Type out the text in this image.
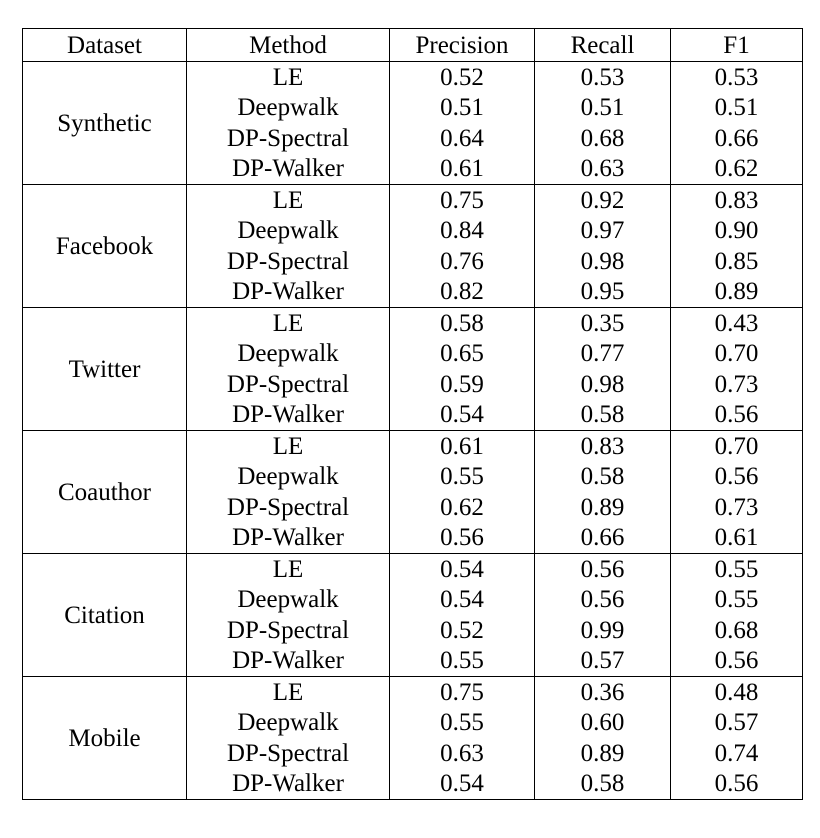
Dataset	Method	Precision	Recall	F1
Synthetic	LE	0.52	0.53	0.53
	Deepwalk	0.51	0.51	0.51
	DP-Spectral	0.64	0.68	0.66
	DP-Walker	0.61	0.63	0.62
Facebook	LE	0.75	0.92	0.83
	Deepwalk	0.84	0.97	0.90
	DP-Spectral	0.76	0.98	0.85
	DP-Walker	0.82	0.95	0.89
Twitter	LE	0.58	0.35	0.43
	Deepwalk	0.65	0.77	0.70
	DP-Spectral	0.59	0.98	0.73
	DP-Walker	0.54	0.58	0.56
Coauthor	LE	0.61	0.83	0.70
	Deepwalk	0.55	0.58	0.56
	DP-Spectral	0.62	0.89	0.73
	DP-Walker	0.56	0.66	0.61
Citation	LE	0.54	0.56	0.55
	Deepwalk	0.54	0.56	0.55
	DP-Spectral	0.52	0.99	0.68
	DP-Walker	0.55	0.57	0.56
Mobile	LE	0.75	0.36	0.48
	Deepwalk	0.55	0.60	0.57
	DP-Spectral	0.63	0.89	0.74
	DP-Walker	0.54	0.58	0.56
